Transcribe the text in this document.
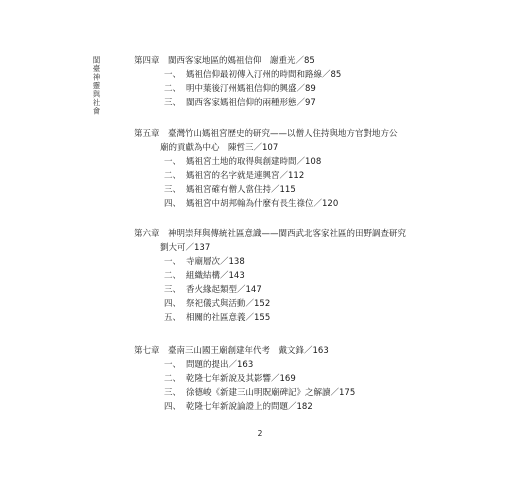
閩臺神靈與社會	第四章　閩西客家地區的媽祖信仰　謝重光／85
一、 媽祖信仰最初傳入汀州的時間和路線／85
二、 明中葉後汀州媽祖信仰的興盛／89
三、 閩西客家媽祖信仰的兩種形態／97
第五章　臺灣竹山媽祖宮歷史的研究——以僧人住持與地方官對地方公
廟的貢獻為中心　陳哲三／107
一、 媽祖宮土地的取得與創建時間／108
二、 媽祖宮的名字就是連興宮／112
三、 媽祖宮確有僧人當住持／115
四、 媽祖宮中胡邦翰為什麼有長生祿位／120
第六章　神明崇拜與傳統社區意識——閩西武北客家社區的田野調查研究
劉大可／137
一、 寺廟層次／138
二、 組織結構／143
三、 香火緣起類型／147
四、 祭祀儀式與活動／152
五、 相關的社區意義／155
第七章　臺南三山國王廟創建年代考　戴文鋒／163
一、 問題的提出／163
二、 乾隆七年新說及其影響／169
三、 徐德峻《新建三山明貺廟碑記》之解讀／175
四、 乾隆七年新說論證上的問題／182
2
